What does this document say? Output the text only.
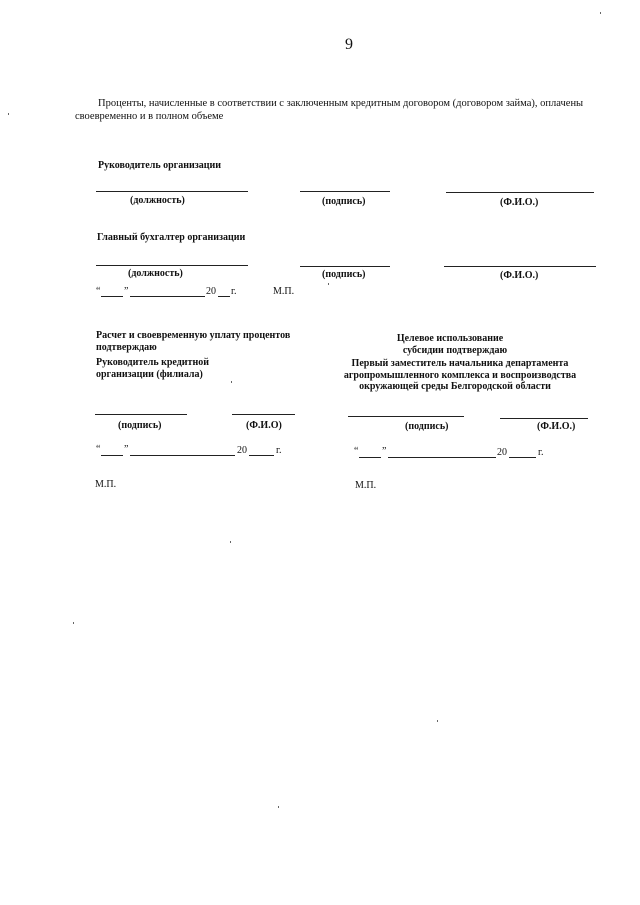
9
Проценты, начисленные в соответствии с заключенным кредитным договором (договором займа), оплачены
своевременно и в полном объеме
Руководитель организации
(должность)	(подпись)	(Ф.И.О.)
Главный бухгалтер организации
(должность)	(подпись)	(Ф.И.О.)
“ ”	20 г.	М.П.
Расчет и своевременную уплату процентов
подтверждаю
Руководитель кредитной
организации (филиала)
(подпись)	(Ф.И.О)
“ ”	20	г.
М.П.
Целевое использование
субсидии подтверждаю
Первый заместитель начальника департамента
агропромышленного комплекса и воспроизводства
окружающей среды Белгородской области
(подпись)	(Ф.И.О.)
“ ”	20	г.
М.П.
